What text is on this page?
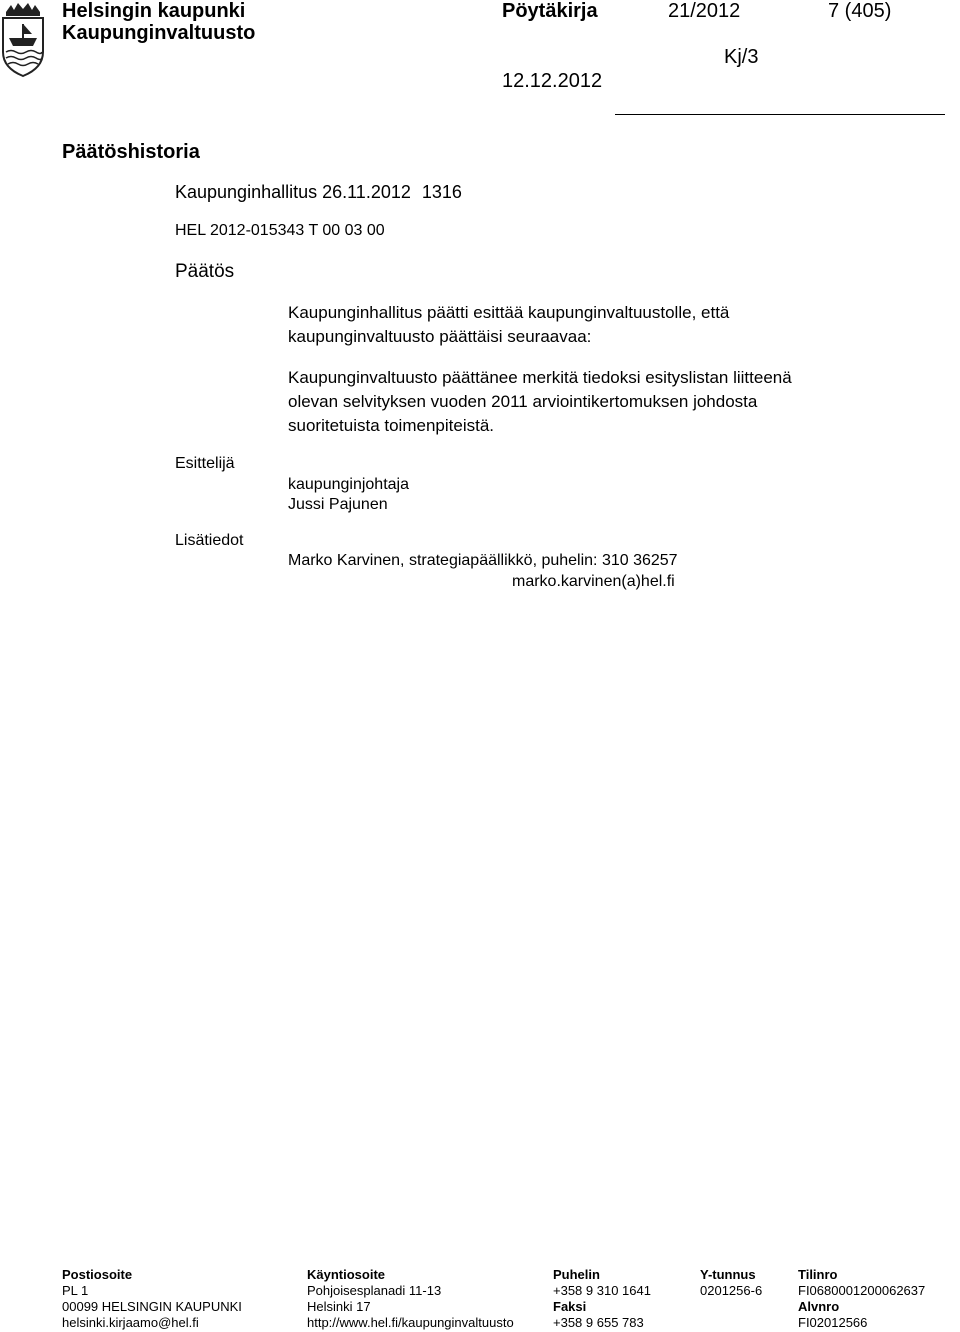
Helsingin kaupunki
Kaupunginvaltuusto
Pöytäkirja	21/2012	7 (405)
12.12.2012
Kj/3
Päätöshistoria
Kaupunginhallitus 26.11.2012 1316
HEL 2012-015343 T 00 03 00
Päätös
Kaupunginhallitus päätti esittää kaupunginvaltuustolle, että
kaupunginvaltuusto päättäisi seuraavaa:
Kaupunginvaltuusto päättänee merkitä tiedoksi esityslistan liitteenä
olevan selvityksen vuoden 2011 arviointikertomuksen johdosta
suoritetuista toimenpiteistä.
Esittelijä
kaupunginjohtaja
Jussi Pajunen
Lisätiedot
Marko Karvinen, strategiapäällikkö, puhelin: 310 36257
marko.karvinen(a)hel.fi
Postiosoite
PL 1
00099 HELSINGIN KAUPUNKI
helsinki.kirjaamo@hel.fi
Käyntiosoite
Pohjoisesplanadi 11-13
Helsinki 17
http://www.hel.fi/kaupunginvaltuusto
Puhelin
+358 9 310 1641
Faksi
+358 9 655 783
Y-tunnus
0201256-6
Tilinro
FI0680001200062637
Alvnro
FI02012566
